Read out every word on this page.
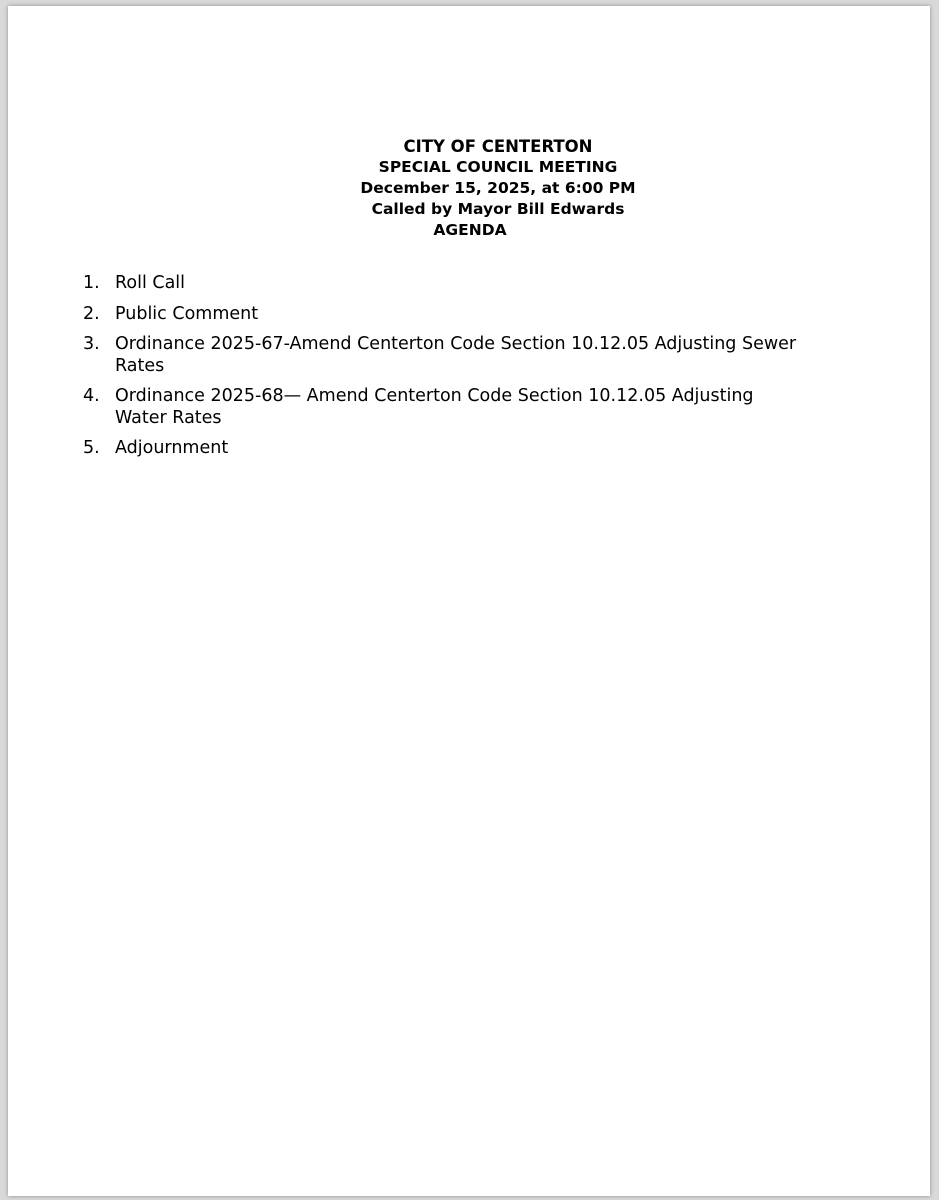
CITY OF CENTERTON
SPECIAL COUNCIL MEETING
December 15, 2025, at 6:00 PM
Called by Mayor Bill Edwards
AGENDA
1. Roll Call
2. Public Comment
3. Ordinance 2025-67-Amend Centerton Code Section 10.12.05 Adjusting Sewer Rates
4. Ordinance 2025-68— Amend Centerton Code Section 10.12.05 Adjusting Water Rates
5. Adjournment
